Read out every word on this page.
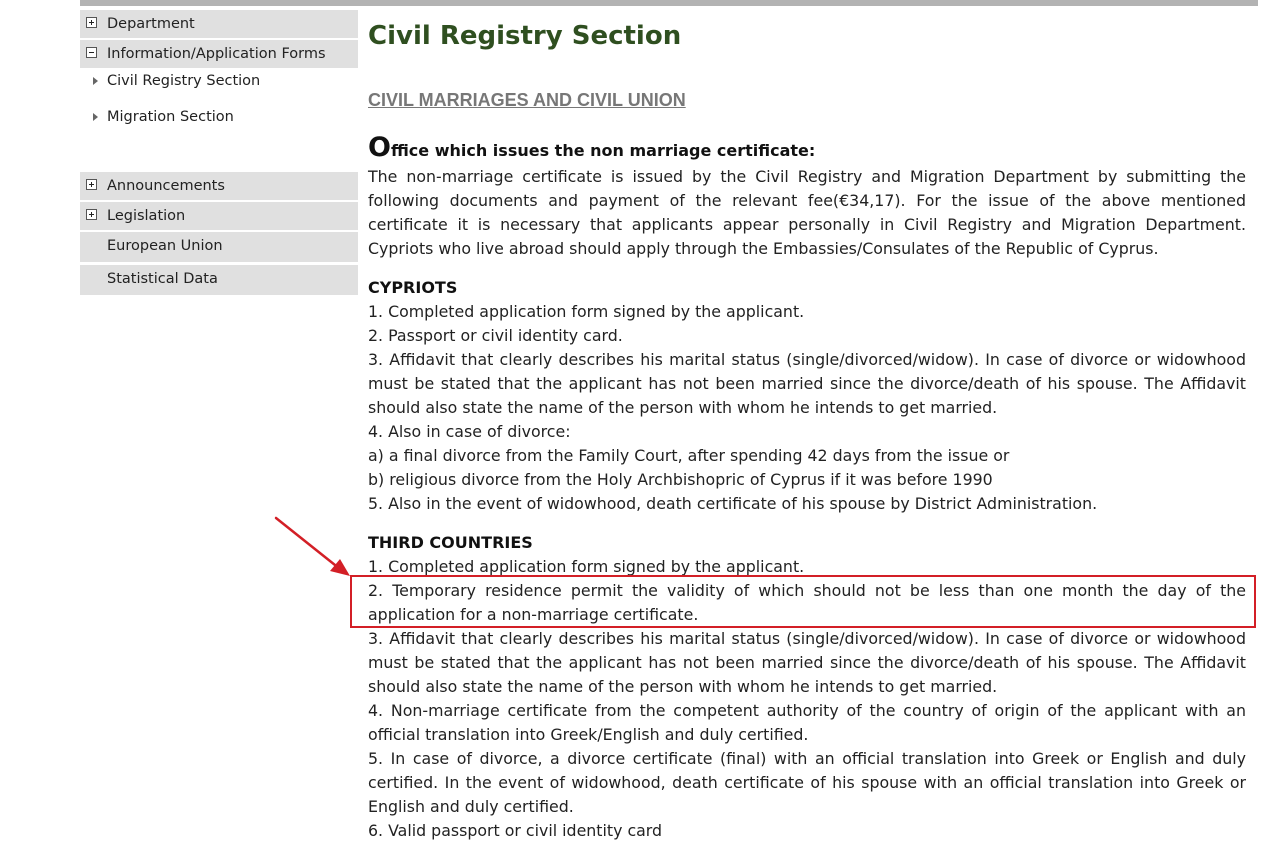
Department
Information/Application Forms
Civil Registry Section
Migration Section
Announcements
Legislation
European Union
Statistical Data
Civil Registry Section
CIVIL MARRIAGES AND CIVIL UNION
Office which issues the non marriage certificate:

The non-marriage certificate is issued by the Civil Registry and Migration Department by submitting the following documents and payment of the relevant fee(€34,17). For the issue of the above mentioned certificate it is necessary that applicants appear personally in Civil Registry and Migration Department. Cypriots who live abroad should apply through the Embassies/Consulates of the Republic of Cyprus.

CYPRIOTS
1. Completed application form signed by the applicant.
2. Passport or civil identity card.
3. Affidavit that clearly describes his marital status (single/divorced/widow). In case of divorce or widowhood must be stated that the applicant has not been married since the divorce/death of his spouse. The Affidavit should also state the name of the person with whom he intends to get married.
4. Also in case of divorce:
a) a final divorce from the Family Court, after spending 42 days from the issue or
b) religious divorce from the Holy Archbishopric of Cyprus if it was before 1990
5. Also in the event of widowhood, death certificate of his spouse by District Administration.
THIRD COUNTRIES
1. Completed application form signed by the applicant.
2. Temporary residence permit the validity of which should not be less than one month the day of the application for a non-marriage certificate.
3. Affidavit that clearly describes his marital status (single/divorced/widow). In case of divorce or widowhood must be stated that the applicant has not been married since the divorce/death of his spouse. The Affidavit should also state the name of the person with whom he intends to get married.
4. Non-marriage certificate from the competent authority of the country of origin of the applicant with an official translation into Greek/English and duly certified.
5. In case of divorce, a divorce certificate (final) with an official translation into Greek or English and duly certified. In the event of widowhood, death certificate of his spouse with an official translation into Greek or English and duly certified.
6. Valid passport or civil identity card
